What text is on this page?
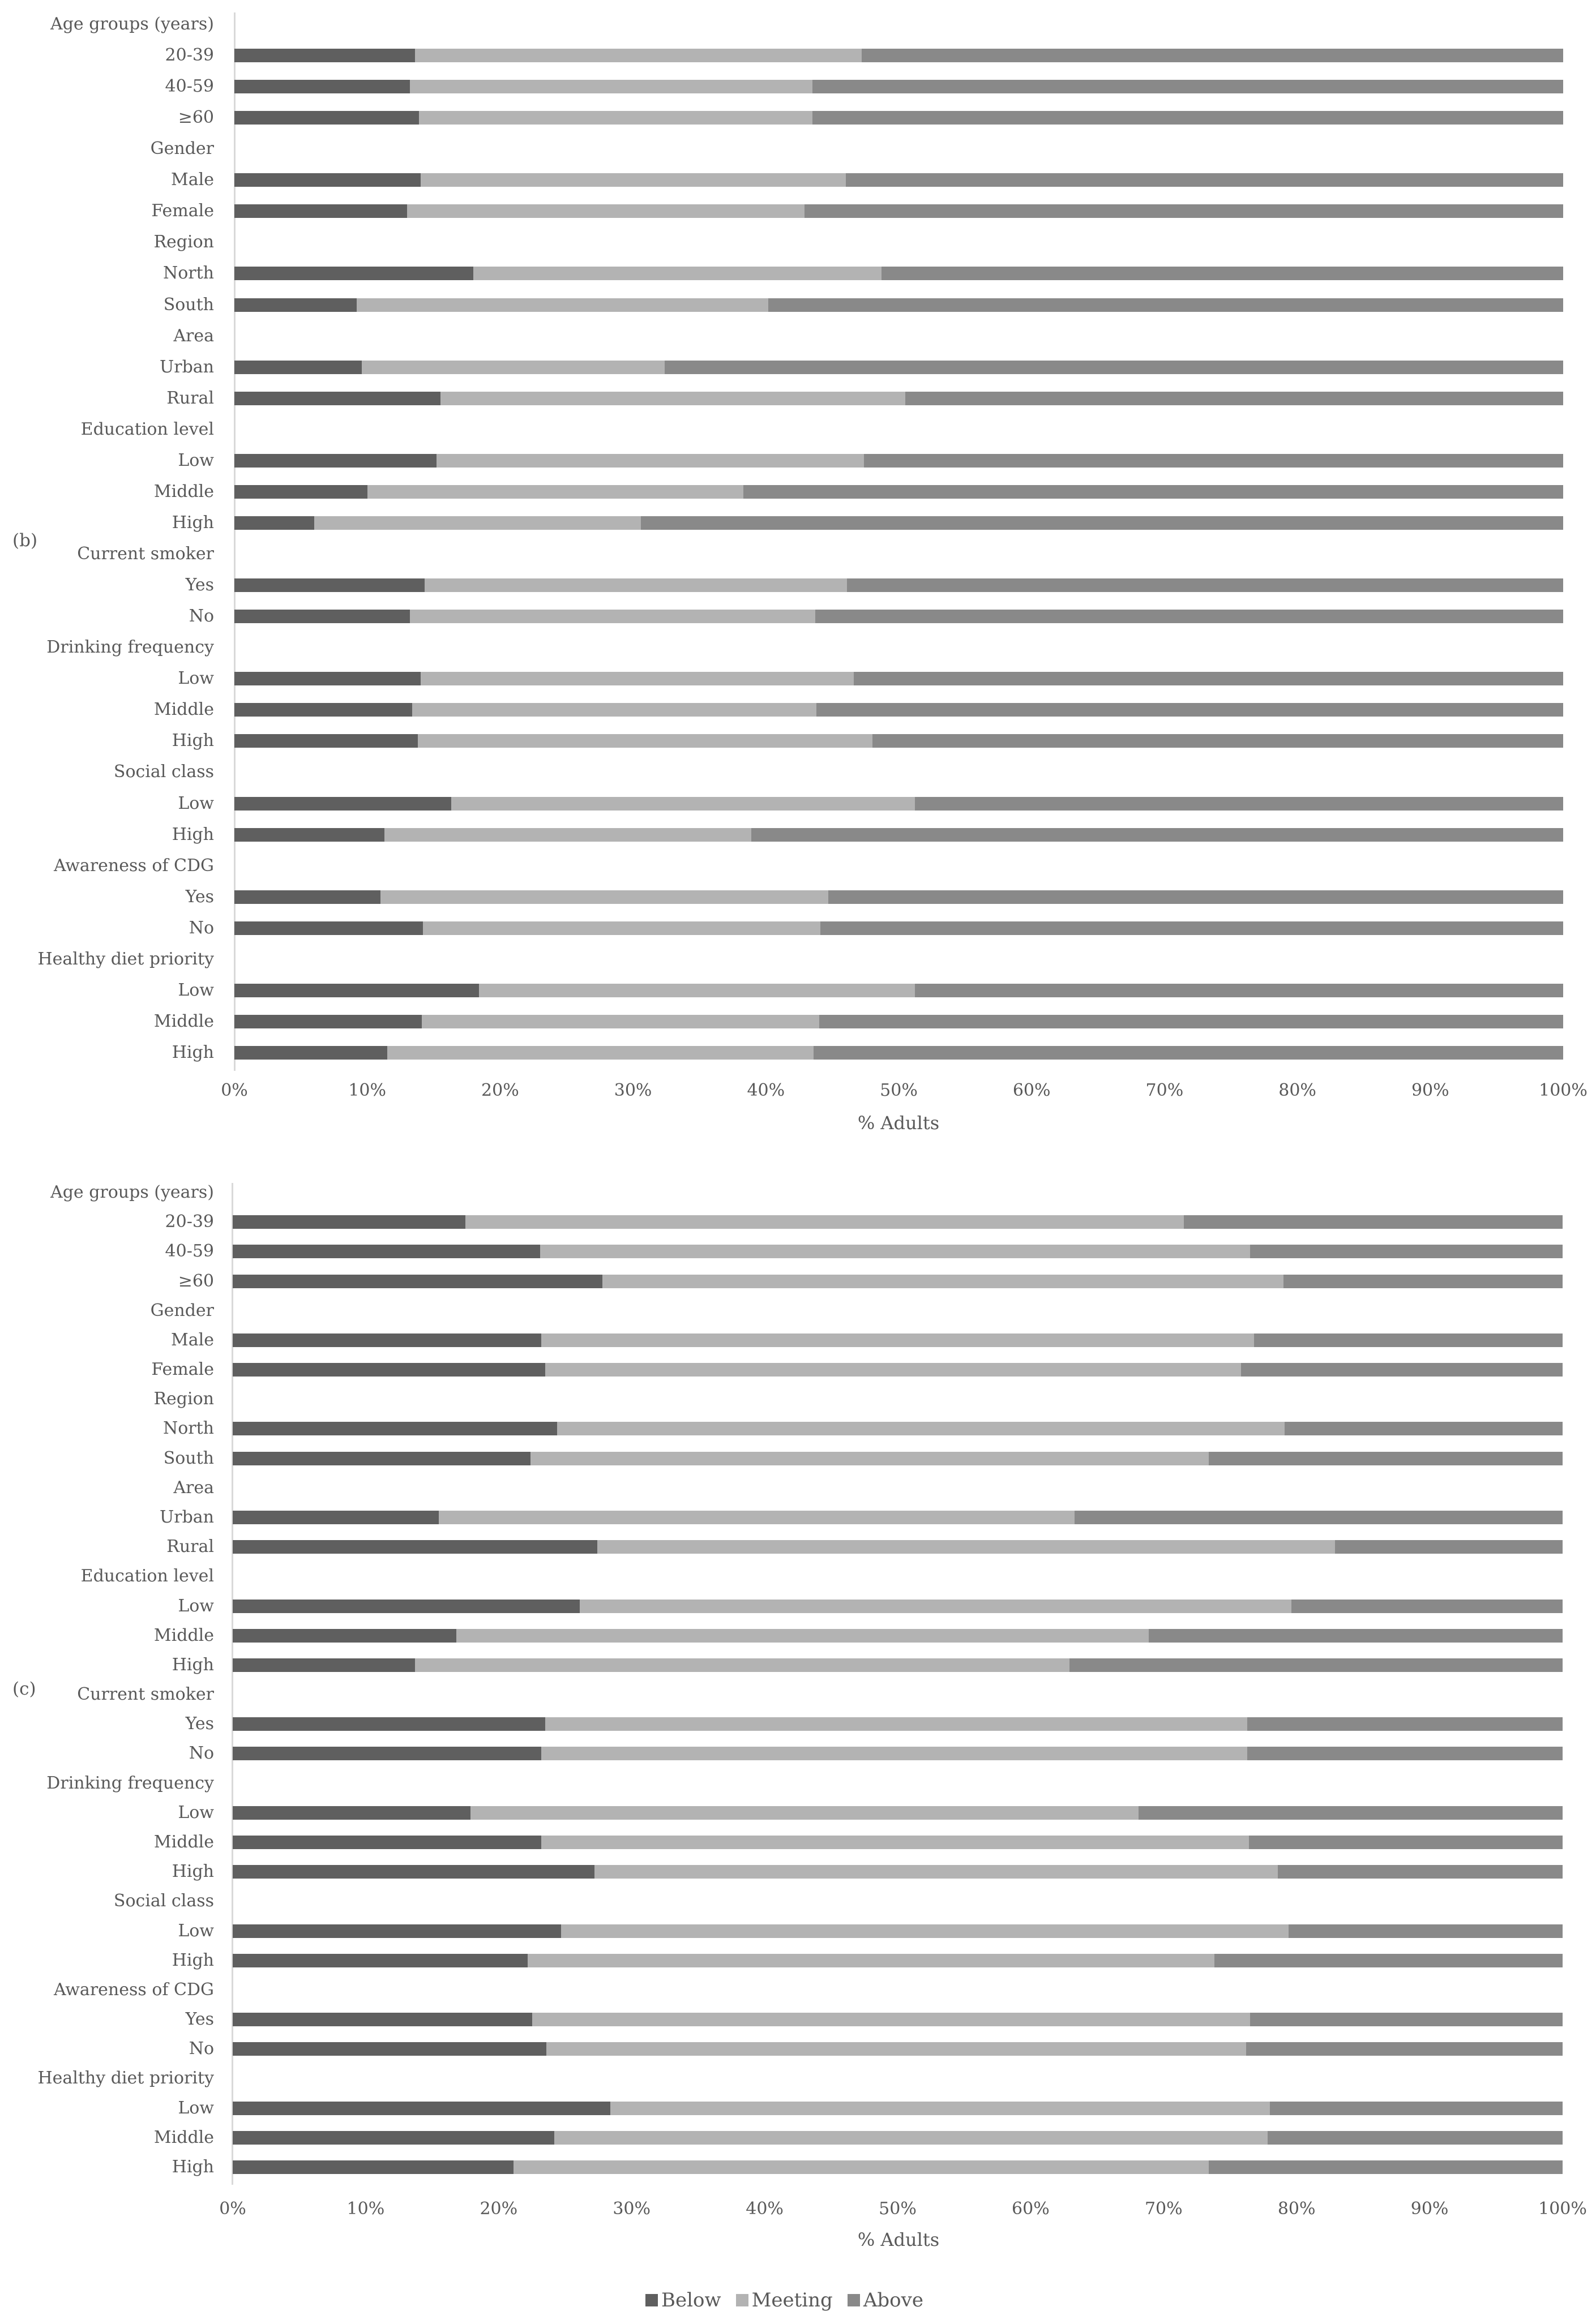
(b)
Age groups (years)
20-39
40-59
≥60
Gender
Male
Female
Region
North
South
Area
Urban
Rural
Education level
Low
Middle
High
Current smoker
Yes
No
Drinking frequency
Low
Middle
High
Social class
Low
High
Awareness of CDG
Yes
No
Healthy diet priority
Low
Middle
High
0%	10%	20%	30%	40%	50%	60%	70%	80%	90%	100%
% Adults
(c)
Age groups (years)
20-39
40-59
≥60
Gender
Male
Female
Region
North
South
Area
Urban
Rural
Education level
Low
Middle
High
Current smoker
Yes
No
Drinking frequency
Low
Middle
High
Social class
Low
High
Awareness of CDG
Yes
No
Healthy diet priority
Low
Middle
High
0%	10%	20%	30%	40%	50%	60%	70%	80%	90%	100%
% Adults
Below Meeting Above
